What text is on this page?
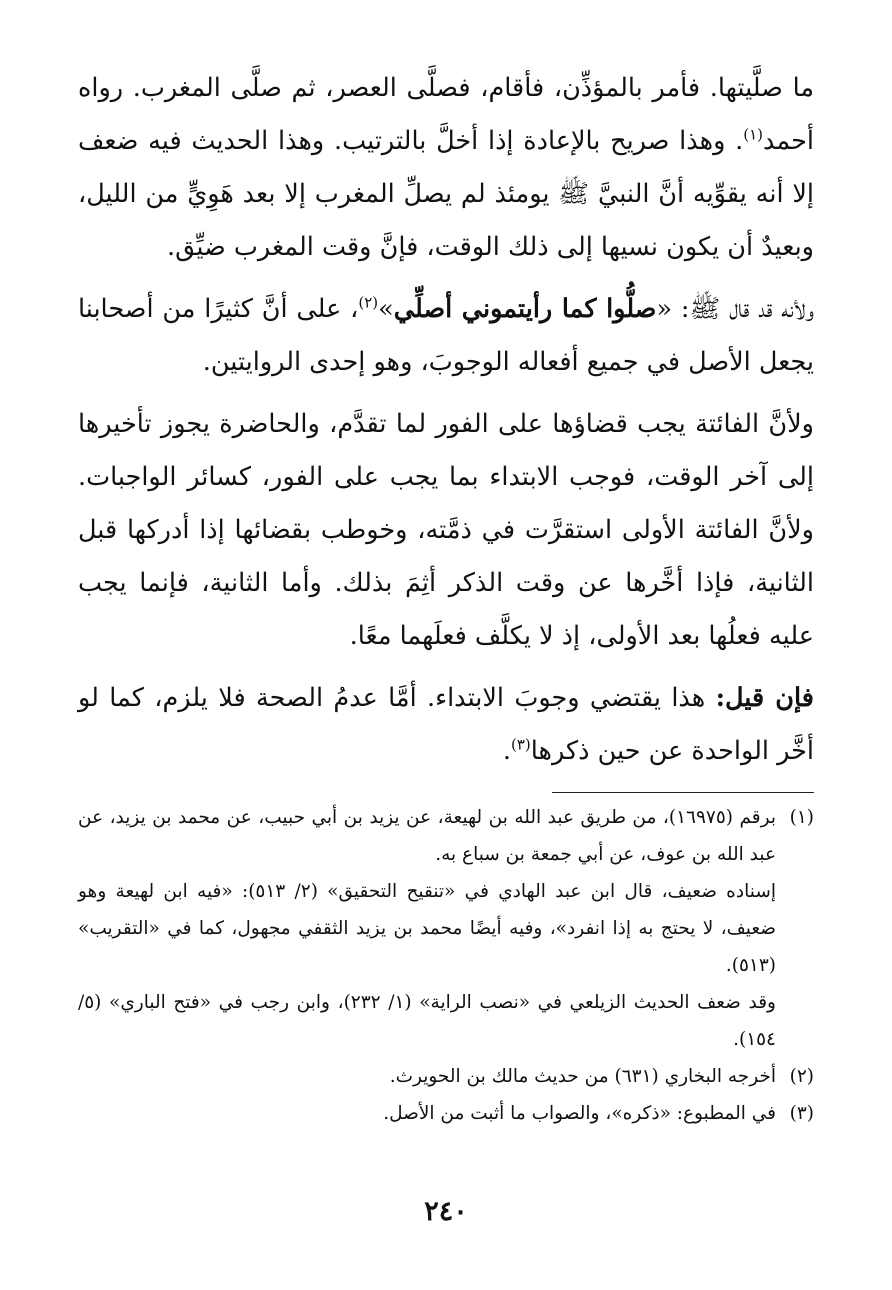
ما صلَّيتها. فأمر بالمؤذِّن، فأقام، فصلَّى العصر، ثم صلَّى المغرب. رواه أحمد$^{(١)}$. وهذا صريح بالإعادة إذا أخلَّ بالترتيب. وهذا الحديث فيه ضعف إلا أنه يقوِّيه أنَّ النبيَّ ﷺ يومئذ لم يصلِّ المغرب إلا بعد هَوِيٍّ من الليل، وبعيدٌ أن يكون نسيها إلى ذلك الوقت، فإنَّ وقت المغرب ضيِّق.

ولأنه قد قال ﷺ: «صلُّوا كما رأيتموني أصلِّي»$^{(٢)}$، على أنَّ كثيرًا من أصحابنا يجعل الأصل في جميع أفعاله الوجوبَ، وهو إحدى الروايتين.

ولأنَّ الفائتة يجب قضاؤها على الفور لما تقدَّم، والحاضرة يجوز تأخيرها إلى آخر الوقت، فوجب الابتداء بما يجب على الفور، كسائر الواجبات. ولأنَّ الفائتة الأولى استقرَّت في ذمَّته، وخوطب بقضائها إذا أدركها قبل الثانية، فإذا أخَّرها عن وقت الذكر أثِمَ بذلك. وأما الثانية، فإنما يجب عليه فعلُها بعد الأولى، إذ لا يكلَّف فعلَهما معًا.

فإن قيل: هذا يقتضي وجوبَ الابتداء. أمَّا عدمُ الصحة فلا يلزم، كما لو أخَّر الواحدة عن حين ذكرها$^{(٣)}$.

(١)

برقم (١٦٩٧٥)، من طريق عبد الله بن لهيعة، عن يزيد بن أبي حبيب، عن محمد بن يزيد، عن عبد الله بن عوف، عن أبي جمعة بن سباع به.

إسناده ضعيف، قال ابن عبد الهادي في «تنقيح التحقيق» (٢/ ٥١٣): «فيه ابن لهيعة وهو ضعيف، لا يحتج به إذا انفرد»، وفيه أيضًا محمد بن يزيد الثقفي مجهول، كما في «التقريب» (٥١٣).

وقد ضعف الحديث الزيلعي في «نصب الراية» (١/ ٢٣٢)، وابن رجب في «فتح الباري» (٥/ ١٥٤).

(٢)
أخرجه البخاري (٦٣١) من حديث مالك بن الحويرث.
(٣)
في المطبوع: «ذكره»، والصواب ما أثبت من الأصل.
٢٤٠
